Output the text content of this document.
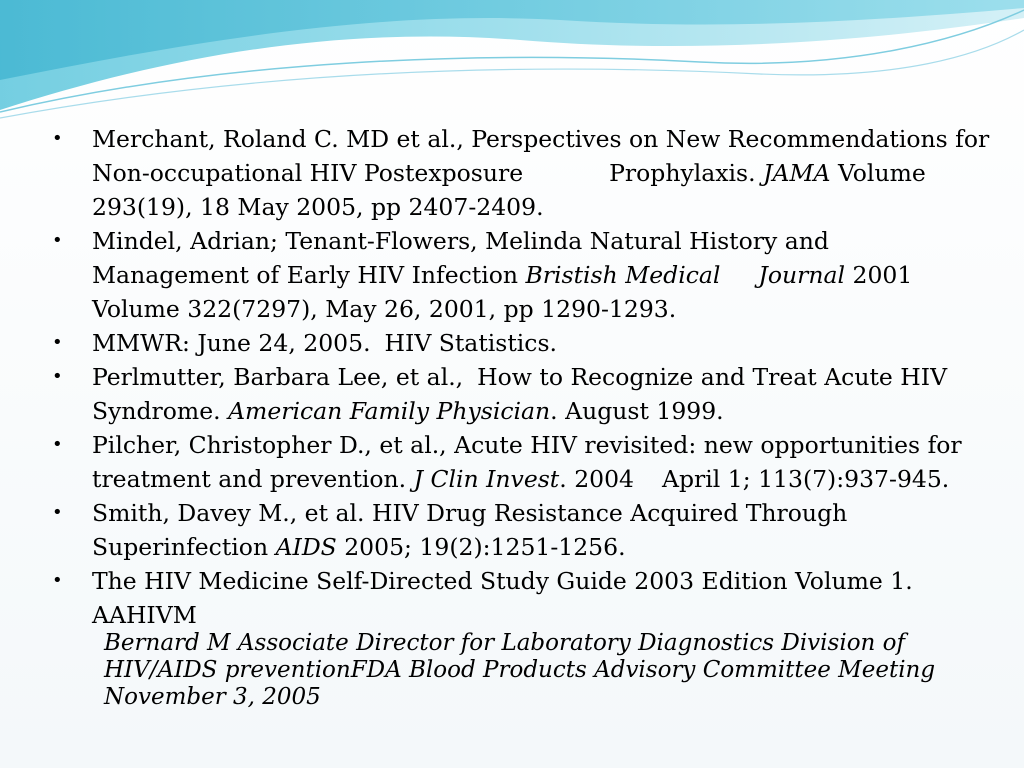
• Merchant, Roland C. MD et al., Perspectives on New Recommendations for Non-occupational HIV Postexposure	Prophylaxis. JAMA Volume 293(19), 18 May 2005, pp 2407-2409.
• Mindel, Adrian; Tenant-Flowers, Melinda Natural History and Management of Early HIV Infection Bristish Medical Journal 2001 Volume 322(7297), May 26, 2001, pp 1290-1293.
• MMWR: June 24, 2005. HIV Statistics.
• Perlmutter, Barbara Lee, et al., How to Recognize and Treat Acute HIV Syndrome. American Family Physician. August 1999.
• Pilcher, Christopher D., et al., Acute HIV revisited: new opportunities for treatment and prevention. J Clin Invest. 2004 April 1; 113(7):937-945.
• Smith, Davey M., et al. HIV Drug Resistance Acquired Through Superinfection AIDS 2005; 19(2):1251-1256.
• The HIV Medicine Self-Directed Study Guide 2003 Edition Volume 1. AAHIVM
Bernard M Associate Director for Laboratory Diagnostics Division of HIV/AIDS preventionFDA Blood Products Advisory Committee Meeting November 3, 2005
